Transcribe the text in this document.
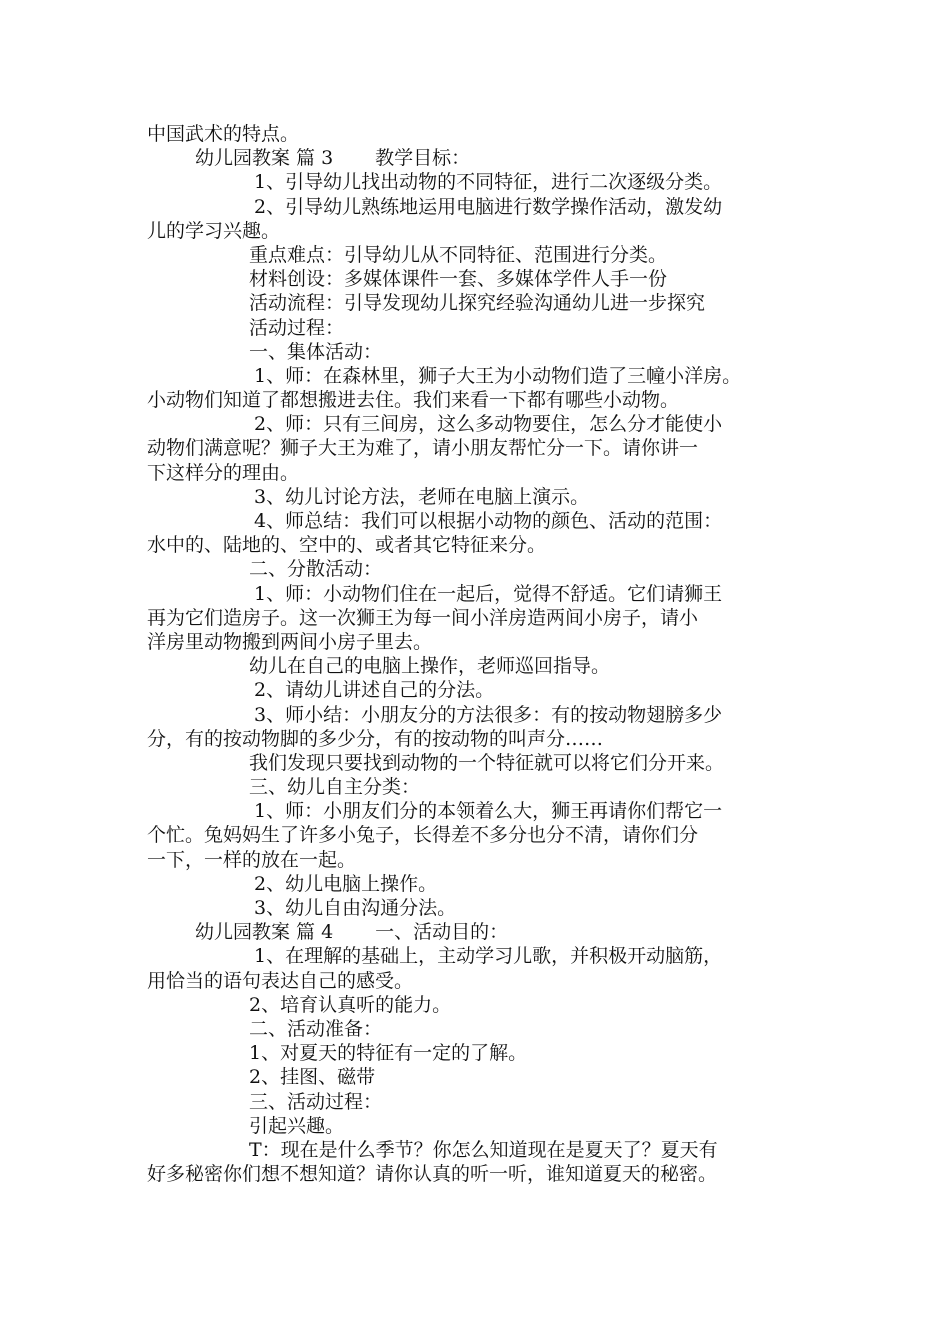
中国武术的特点。
幼儿园教案 篇 3 教学目标：
1、引导幼儿找出动物的不同特征，进行二次逐级分类。
2、引导幼儿熟练地运用电脑进行数学操作活动，激发幼
儿的学习兴趣。
重点难点：引导幼儿从不同特征、范围进行分类。
材料创设：多媒体课件一套、多媒体学件人手一份
活动流程：引导发现幼儿探究经验沟通幼儿进一步探究
活动过程：
一、集体活动：
1、师：在森林里，狮子大王为小动物们造了三幢小洋房。
小动物们知道了都想搬进去住。我们来看一下都有哪些小动物。
2、师：只有三间房，这么多动物要住，怎么分才能使小
动物们满意呢？狮子大王为难了，请小朋友帮忙分一下。请你讲一
下这样分的理由。
3、幼儿讨论方法，老师在电脑上演示。
4、师总结：我们可以根据小动物的颜色、活动的范围：
水中的、陆地的、空中的、或者其它特征来分。
二、分散活动：
1、师：小动物们住在一起后，觉得不舒适。它们请狮王
再为它们造房子。这一次狮王为每一间小洋房造两间小房子，请小
洋房里动物搬到两间小房子里去。
幼儿在自己的电脑上操作，老师巡回指导。
2、请幼儿讲述自己的分法。
3、师小结：小朋友分的方法很多：有的按动物翅膀多少
分，有的按动物脚的多少分，有的按动物的叫声分……
我们发现只要找到动物的一个特征就可以将它们分开来。
三、幼儿自主分类：
1、师：小朋友们分的本领着么大，狮王再请你们帮它一
个忙。兔妈妈生了许多小兔子，长得差不多分也分不清，请你们分
一下，一样的放在一起。
2、幼儿电脑上操作。
3、幼儿自由沟通分法。
幼儿园教案 篇 4 一、活动目的：
1、在理解的基础上，主动学习儿歌，并积极开动脑筋，
用恰当的语句表达自己的感受。
2、培育认真听的能力。
二、活动准备：
1、对夏天的特征有一定的了解。
2、挂图、磁带
三、活动过程：
引起兴趣。
T：现在是什么季节？你怎么知道现在是夏天了？夏天有
好多秘密你们想不想知道？请你认真的听一听，谁知道夏天的秘密。
